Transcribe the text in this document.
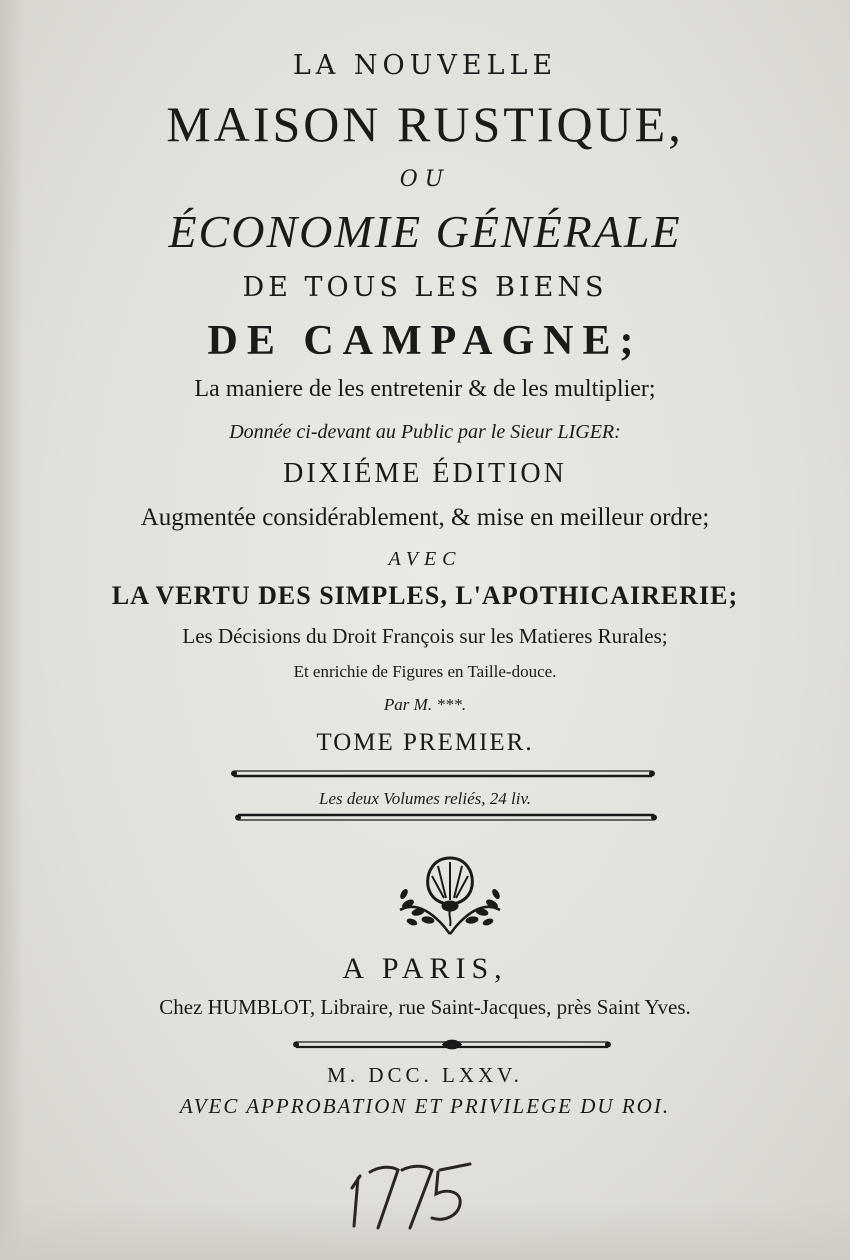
LA NOUVELLE
MAISON RUSTIQUE,
OU
ÉCONOMIE GÉNÉRALE
DE TOUS LES BIENS
DE CAMPAGNE;
La maniere de les entretenir & de les multiplier;
Donnée ci-devant au Public par le Sieur LIGER:
DIXIÉME ÉDITION
Augmentée considérablement, & mise en meilleur ordre;
AVEC
LA VERTU DES SIMPLES, L'APOTHICAIRERIE;
Les Décisions du Droit François sur les Matieres Rurales;
Et enrichie de Figures en Taille-douce.
Par M. ***.
TOME PREMIER.
Les deux Volumes reliés, 24 liv.
A PARIS,
Chez HUMBLOT, Libraire, rue Saint-Jacques, près Saint Yves.
M. DCC. LXXV.
AVEC APPROBATION ET PRIVILEGE DU ROI.
